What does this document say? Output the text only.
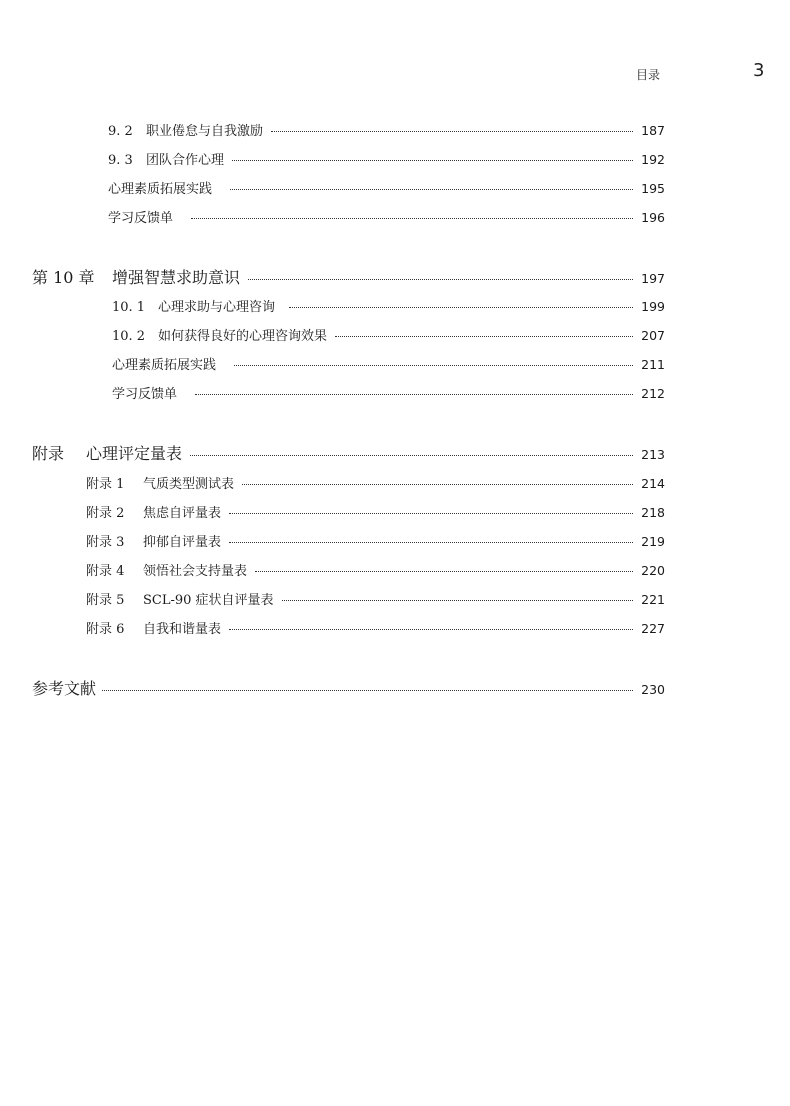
目录	3
9. 2	职业倦怠与自我激励	187
9. 3	团队合作心理	192
心理素质拓展实践	195
学习反馈单	196
第 10 章	增强智慧求助意识	197
10. 1 心理求助与心理咨询	199
10. 2 如何获得良好的心理咨询效果	207
心理素质拓展实践	211
学习反馈单	212
附录	心理评定量表	213
附录 1	气质类型测试表	214
附录 2	焦虑自评量表	218
附录 3	抑郁自评量表	219
附录 4	领悟社会支持量表	220
附录 5	SCL-90 症状自评量表	221
附录 6	自我和谐量表	227
参考文献	230
